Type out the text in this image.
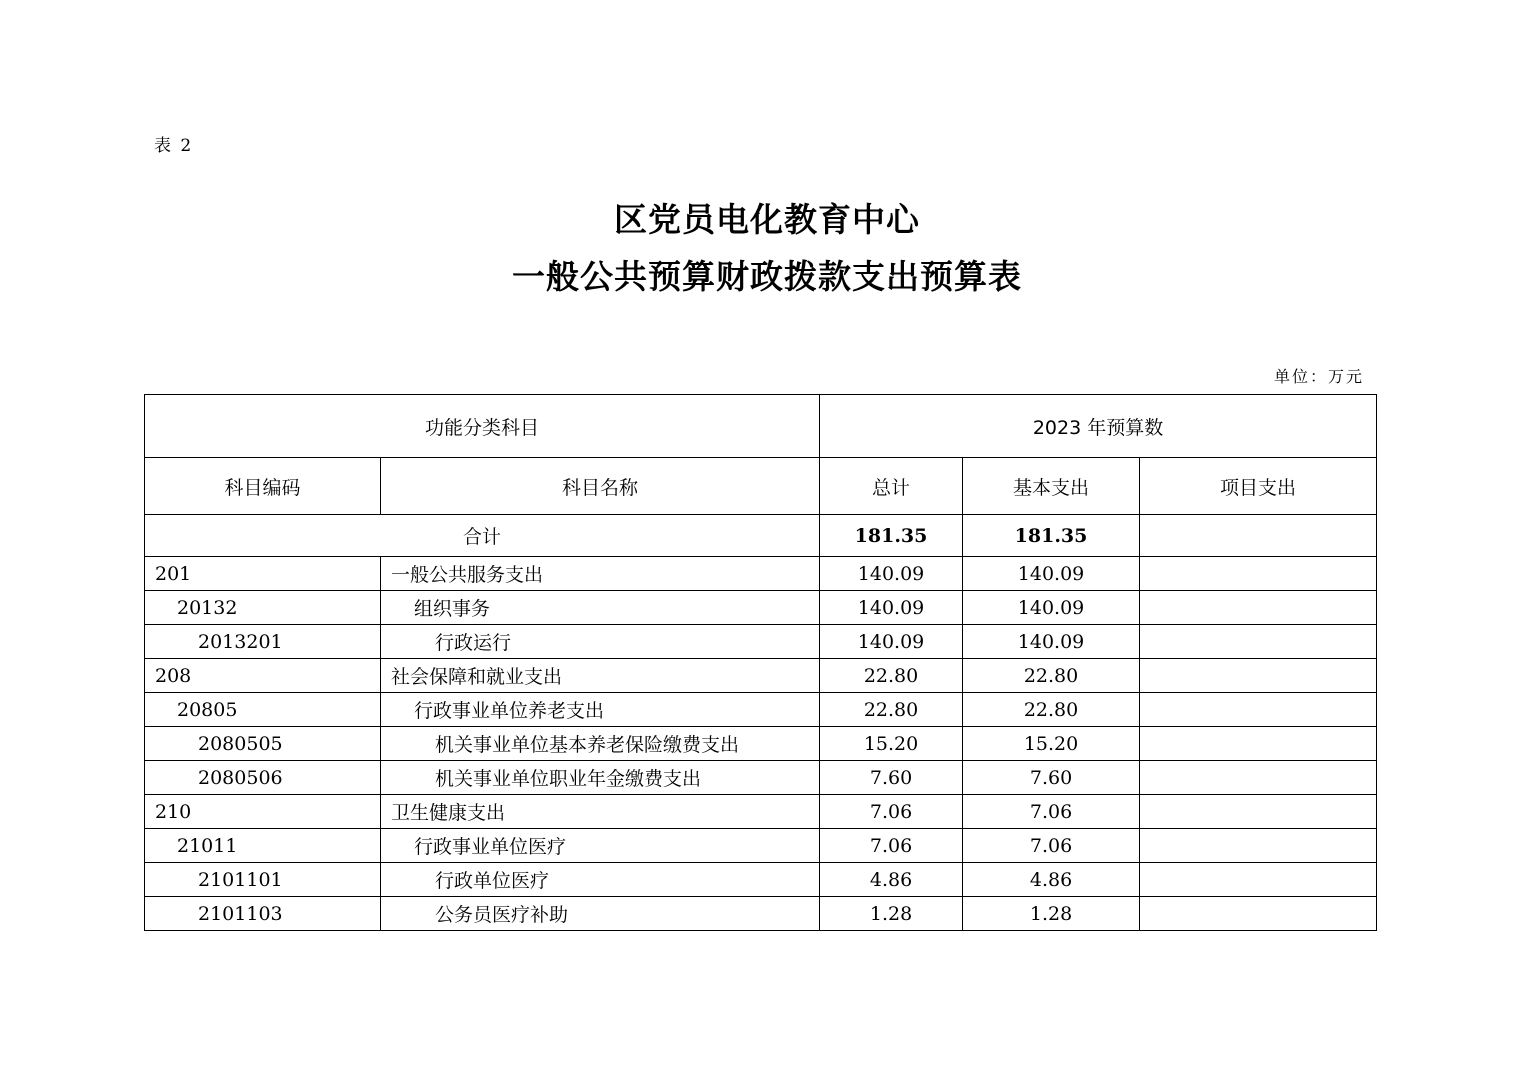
表 2
区党员电化教育中心
一般公共预算财政拨款支出预算表
单位：万元
功能分类科目		2023 年预算数		
科目编码	科目名称	总计	基本支出	项目支出
合计		181.35	181.35	
201	一般公共服务支出	140.09	140.09	
20132	组织事务	140.09	140.09	
2013201	行政运行	140.09	140.09	
208	社会保障和就业支出	22.80	22.80	
20805	行政事业单位养老支出	22.80	22.80	
2080505	机关事业单位基本养老保险缴费支出	15.20	15.20	
2080506	机关事业单位职业年金缴费支出	7.60	7.60	
210	卫生健康支出	7.06	7.06	
21011	行政事业单位医疗	7.06	7.06	
2101101	行政单位医疗	4.86	4.86	
2101103	公务员医疗补助	1.28	1.28	
